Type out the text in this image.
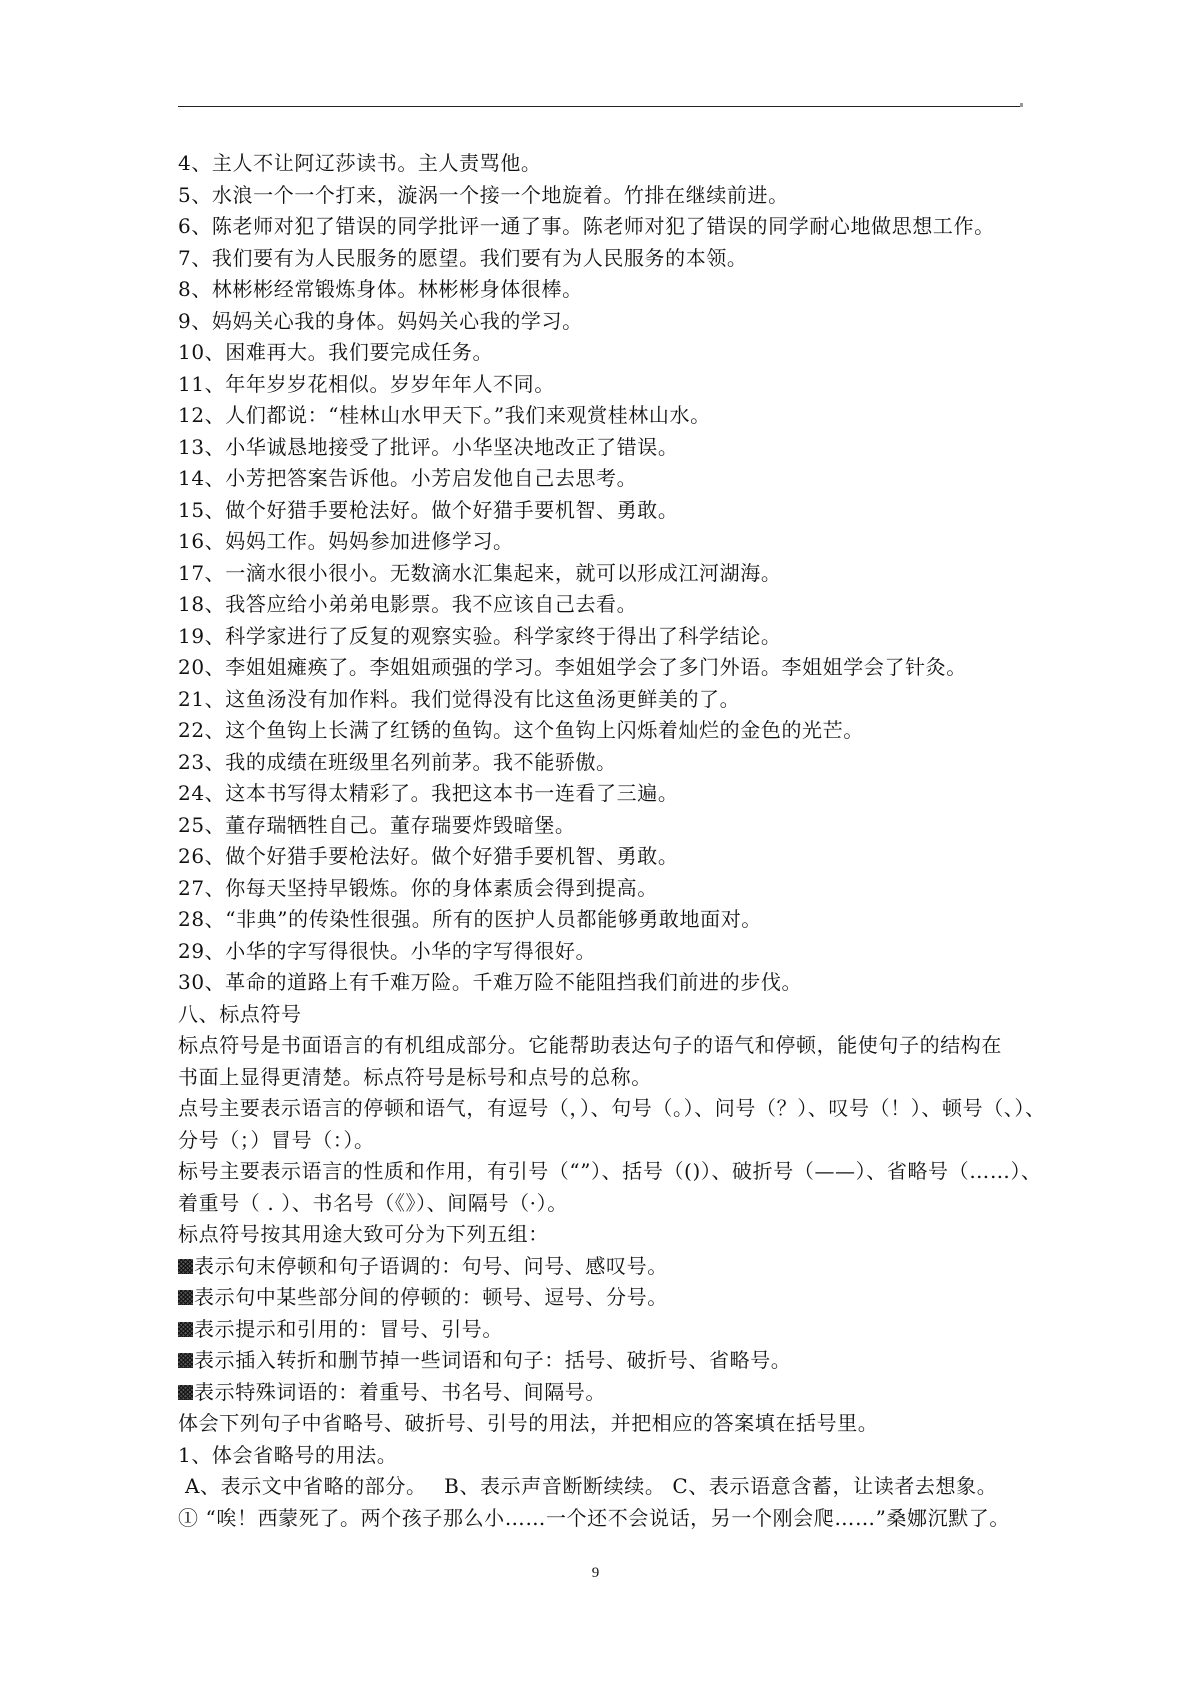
4、主人不让阿辽莎读书。主人责骂他。
5、水浪一个一个打来，漩涡一个接一个地旋着。竹排在继续前进。
6、陈老师对犯了错误的同学批评一通了事。陈老师对犯了错误的同学耐心地做思想工作。
7、我们要有为人民服务的愿望。我们要有为人民服务的本领。
8、林彬彬经常锻炼身体。林彬彬身体很棒。
9、妈妈关心我的身体。妈妈关心我的学习。
10、困难再大。我们要完成任务。
11、年年岁岁花相似。岁岁年年人不同。
12、人们都说：“桂林山水甲天下。”我们来观赏桂林山水。
13、小华诚恳地接受了批评。小华坚决地改正了错误。
14、小芳把答案告诉他。小芳启发他自己去思考。
15、做个好猎手要枪法好。做个好猎手要机智、勇敢。
16、妈妈工作。妈妈参加进修学习。
17、一滴水很小很小。无数滴水汇集起来，就可以形成江河湖海。
18、我答应给小弟弟电影票。我不应该自己去看。
19、科学家进行了反复的观察实验。科学家终于得出了科学结论。
20、李姐姐瘫痪了。李姐姐顽强的学习。李姐姐学会了多门外语。李姐姐学会了针灸。
21、这鱼汤没有加作料。我们觉得没有比这鱼汤更鲜美的了。
22、这个鱼钩上长满了红锈的鱼钩。这个鱼钩上闪烁着灿烂的金色的光芒。
23、我的成绩在班级里名列前茅。我不能骄傲。
24、这本书写得太精彩了。我把这本书一连看了三遍。
25、董存瑞牺牲自己。董存瑞要炸毁暗堡。
26、做个好猎手要枪法好。做个好猎手要机智、勇敢。
27、你每天坚持早锻炼。你的身体素质会得到提高。
28、“非典”的传染性很强。所有的医护人员都能够勇敢地面对。
29、小华的字写得很快。小华的字写得很好。
30、革命的道路上有千难万险。千难万险不能阻挡我们前进的步伐。
八、标点符号
标点符号是书面语言的有机组成部分。它能帮助表达句子的语气和停顿，能使句子的结构在
书面上显得更清楚。标点符号是标号和点号的总称。
点号主要表示语言的停顿和语气，有逗号（，）、句号（。）、问号（？）、叹号（！）、顿号（、）、
分号（；）冒号（：）。
标号主要表示语言的性质和作用，有引号（“”）、括号（()）、破折号（——）、省略号（……）、
着重号（ . ）、书名号（《》）、间隔号（·）。
标点符号按其用途大致可分为下列五组：
表示句末停顿和句子语调的：句号、问号、感叹号。
表示句中某些部分间的停顿的：顿号、逗号、分号。
表示提示和引用的：冒号、引号。
表示插入转折和删节掉一些词语和句子：括号、破折号、省略号。
表示特殊词语的：着重号、书名号、间隔号。
体会下列句子中省略号、破折号、引号的用法，并把相应的答案填在括号里。
1、体会省略号的用法。
A、表示文中省略的部分。　 B、表示声音断断续续。 C、表示语意含蓄，让读者去想象。
① “唉！西蒙死了。两个孩子那么小……一个还不会说话，另一个刚会爬……”桑娜沉默了。
9
